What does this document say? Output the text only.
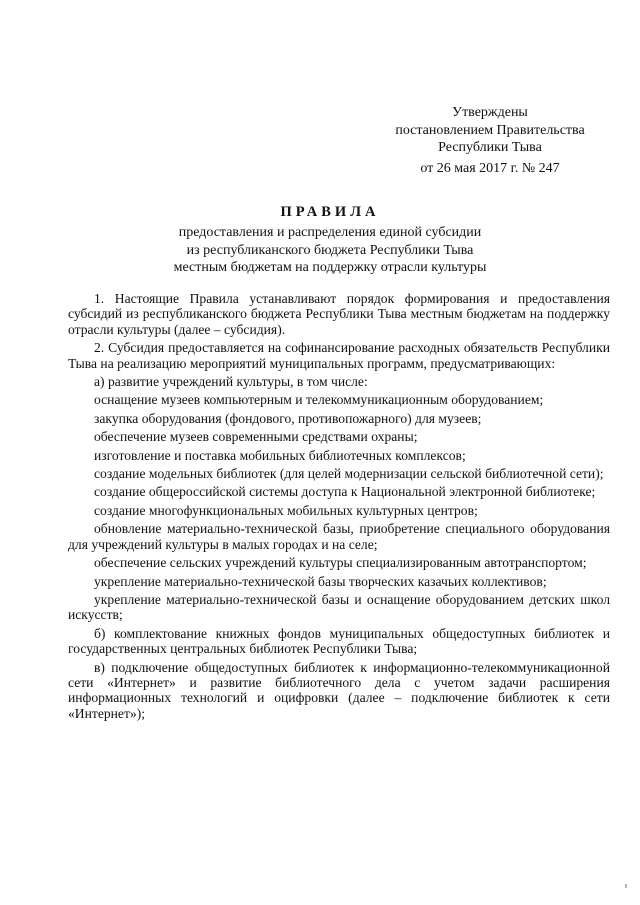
Утверждены
постановлением Правительства
Республики Тыва
от 26 мая 2017 г. № 247
ПРАВИЛА
предоставления и распределения единой субсидии
из республиканского бюджета Республики Тыва
местным бюджетам на поддержку отрасли культуры

1. Настоящие Правила устанавливают порядок формирования и предоставления субсидий из республиканского бюджета Республики Тыва местным бюджетам на поддержку отрасли культуры (далее – субсидия).

2. Субсидия предоставляется на софинансирование расходных обязательств Республики Тыва на реализацию мероприятий муниципальных программ, предусматривающих:

а) развитие учреждений культуры, в том числе:

оснащение музеев компьютерным и телекоммуникационным оборудованием;

закупка оборудования (фондового, противопожарного) для музеев;

обеспечение музеев современными средствами охраны;

изготовление и поставка мобильных библиотечных комплексов;

создание модельных библиотек (для целей модернизации сельской библиотечной сети);

создание общероссийской системы доступа к Национальной электронной библиотеке;

создание многофункциональных мобильных культурных центров;

обновление материально-технической базы, приобретение специального оборудования для учреждений культуры в малых городах и на селе;

обеспечение сельских учреждений культуры специализированным автотранспортом;

укрепление материально-технической базы творческих казачьих коллективов;

укрепление материально-технической базы и оснащение оборудованием детских школ искусств;

б) комплектование книжных фондов муниципальных общедоступных библиотек и государственных центральных библиотек Республики Тыва;

в) подключение общедоступных библиотек к информационно-телекоммуникационной сети «Интернет» и развитие библиотечного дела с учетом задачи расширения информационных технологий и оцифровки (далее – подключение библиотек к сети «Интернет»);
